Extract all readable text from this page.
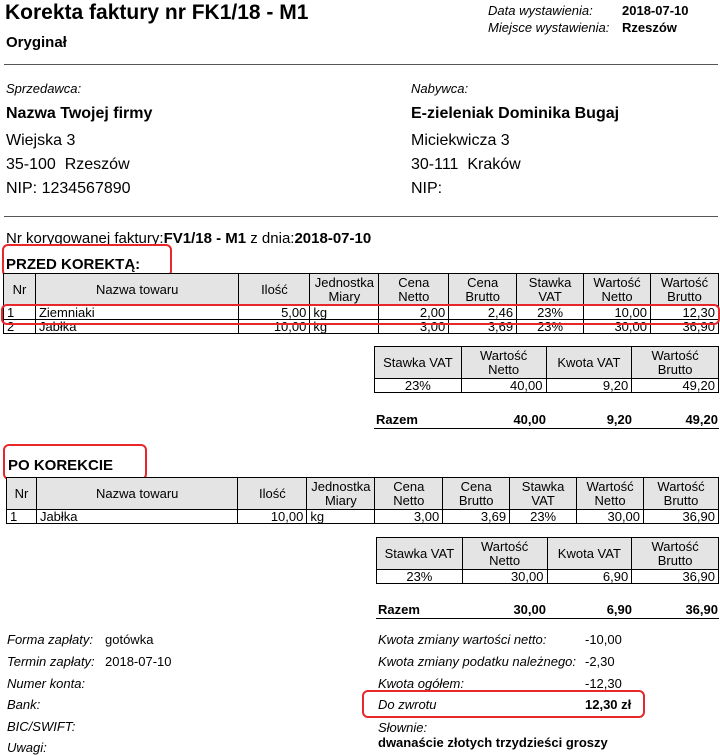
Korekta faktury nr FK1/18 - M1
Oryginał
Data wystawienia: 2018-07-10
Miejsce wystawienia: Rzeszów
Sprzedawca:
Nazwa Twojej firmy
Wiejska 3
35-100  Rzeszów
NIP: 1234567890
Nabywca:
E-zieleniak Dominika Bugaj
Miciekwicza 3
30-111  Kraków
NIP:
Nr korygowanej faktury:FV1/18 - M1 z dnia:2018-07-10
PRZED KOREKTĄ:
Nr	Nazwa towaru	Ilość	Jednostka Miary	Cena Netto	Cena Brutto	Stawka VAT	Wartość Netto	Wartość Brutto
1	Ziemniaki	5,00	kg	2,00	2,46	23%	10,00	12,30
2	Jabłka	10,00	kg	3,00	3,69	23%	30,00	36,90
Stawka VAT	Wartość Netto	Kwota VAT	Wartość Brutto
23%	40,00	9,20	49,20
Razem	40,00	9,20	49,20
PO KOREKCIE
Nr	Nazwa towaru	Ilość	Jednostka Miary	Cena Netto	Cena Brutto	Stawka VAT	Wartość Netto	Wartość Brutto
1	Jabłka	10,00	kg	3,00	3,69	23%	30,00	36,90
Stawka VAT	Wartość Netto	Kwota VAT	Wartość Brutto
23%	30,00	6,90	36,90
Razem	30,00	6,90	36,90
Forma zapłaty: gotówka
Termin zapłaty: 2018-07-10
Numer konta:
Bank:
BIC/SWIFT:
Uwagi:
Kwota zmiany wartości netto:	-10,00
Kwota zmiany podatku należnego: -2,30
Kwota ogółem:	-12,30
Do zwrotu	12,30 zł
Słownie:
dwanaście złotych trzydzieści groszy
